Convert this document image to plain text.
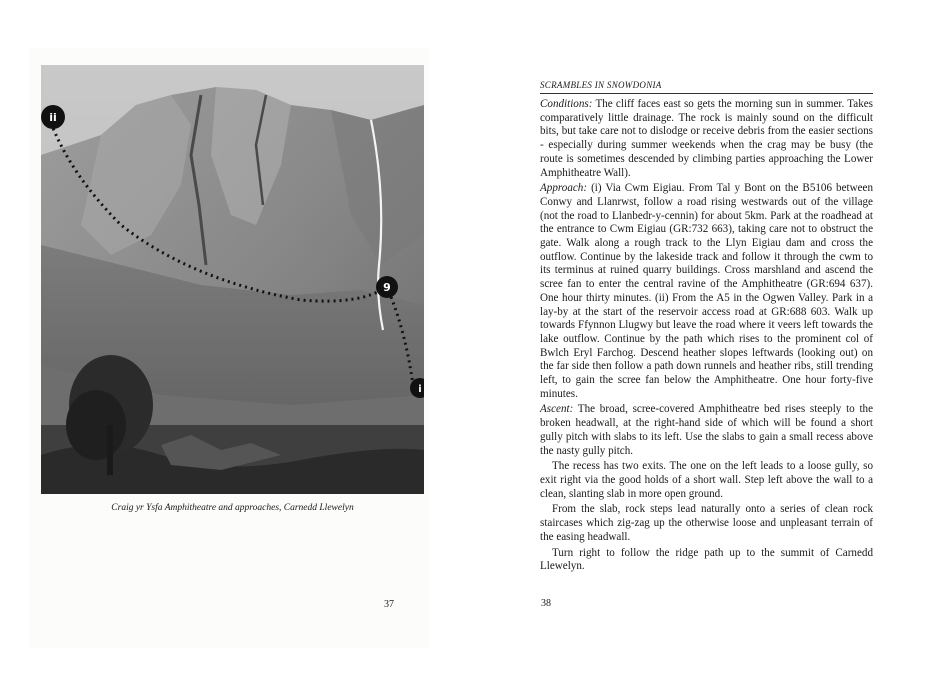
ii
9
i
Craig yr Ysfa Amphitheatre and approaches, Carnedd Llewelyn
37
SCRAMBLES IN SNOWDONIA

Conditions: The cliff faces east so gets the morning sun in summer. Takes comparatively little drainage. The rock is mainly sound on the difficult bits, but take care not to dislodge or receive debris from the easier sections - especially during summer weekends when the crag may be busy (the route is sometimes descended by climbing parties approaching the Lower Amphitheatre Wall).

Approach: (i) Via Cwm Eigiau. From Tal y Bont on the B5106 between Conwy and Llanrwst, follow a road rising westwards out of the village (not the road to Llanbedr-y-cennin) for about 5km. Park at the roadhead at the entrance to Cwm Eigiau (GR:732 663), taking care not to obstruct the gate. Walk along a rough track to the Llyn Eigiau dam and cross the outflow. Continue by the lakeside track and follow it through the cwm to its terminus at ruined quarry buildings. Cross marshland and ascend the scree fan to enter the central ravine of the Amphitheatre (GR:694 637). One hour thirty minutes. (ii) From the A5 in the Ogwen Valley. Park in a lay-by at the start of the reservoir access road at GR:688 603. Walk up towards Ffynnon Llugwy but leave the road where it veers left towards the lake outflow. Continue by the path which rises to the prominent col of Bwlch Eryl Farchog. Descend heather slopes leftwards (looking out) on the far side then follow a path down runnels and heather ribs, still trending left, to gain the scree fan below the Amphitheatre. One hour forty-five minutes.

Ascent: The broad, scree-covered Amphitheatre bed rises steeply to the broken headwall, at the right-hand side of which will be found a short gully pitch with slabs to its left. Use the slabs to gain a small recess above the nasty gully pitch.

The recess has two exits. The one on the left leads to a loose gully, so exit right via the good holds of a short wall. Step left above the wall to a clean, slanting slab in more open ground.

From the slab, rock steps lead naturally onto a series of clean rock staircases which zig-zag up the otherwise loose and unpleasant terrain of the easing headwall.

Turn right to follow the ridge path up to the summit of Carnedd Llewelyn.

38
